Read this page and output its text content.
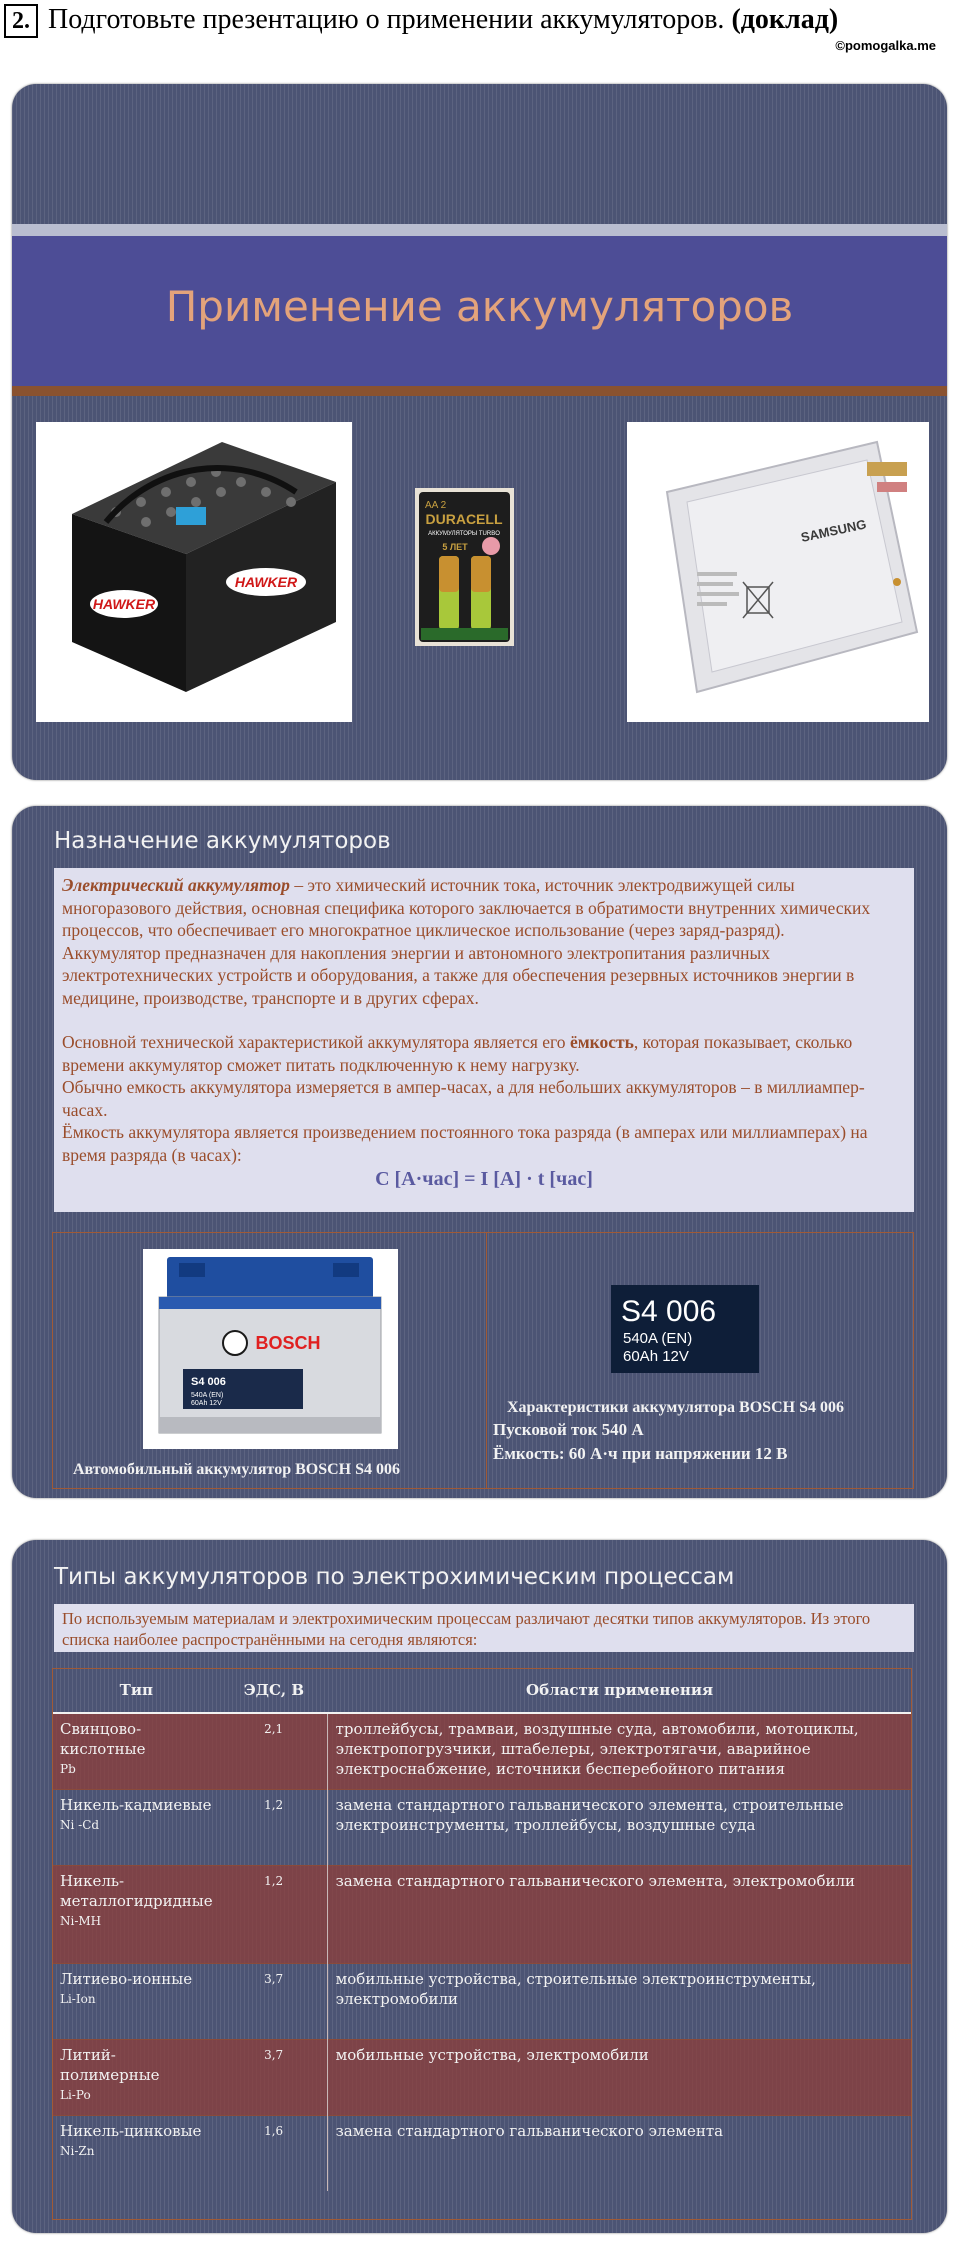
2. Подготовьте презентацию о применении аккумуляторов. (доклад)
©pomogalka.me
Применение аккумуляторов
HAWKER
HAWKER
AA 2
DURACELL
АККУМУЛЯТОРЫ TURBO
5 ЛЕТ
SAMSUNG
Назначение аккумуляторов

Электрический аккумулятор – это химический источник тока, источник электродвижущей силы многоразового действия, основная специфика которого заключается в обратимости внутренних химических процессов, что обеспечивает его многократное циклическое использование (через заряд-разряд).

Аккумулятор предназначен для накопления энергии и автономного электропитания различных электротехнических устройств и оборудования, а также для обеспечения резервных источников энергии в медицине, производстве, транспорте и в других сферах.

Основной технической характеристикой аккумулятора является его ёмкость, которая показывает, сколько времени аккумулятор сможет питать подключенную к нему нагрузку.

Обычно емкость аккумулятора измеряется в ампер-часах, а для небольших аккумуляторов – в миллиампер-часах.

Ёмкость аккумулятора является произведением постоянного тока разряда (в амперах или миллиамперах) на время разряда (в часах):

C [А·час] = I [A] · t [час]
BOSCH
S4 006
540A (EN)
60Ah 12V
Автомобильный аккумулятор BOSCH S4 006
S4 006
540A (EN)
60Ah 12V
Характеристики аккумулятора BOSCH S4 006
Пусковой ток 540 А
Ёмкость: 60 А·ч при напряжении 12 В
Типы аккумуляторов по электрохимическим процессам
По используемым материалам и электрохимическим процессам различают десятки типов аккумуляторов. Из этого списка наиболее распространёнными на сегодня являются:
Тип	ЭДС, В	Области применения

Свинцово-кислотные
Pb	2,1	троллейбусы, трамваи, воздушные суда, автомобили, мотоциклы, электропогрузчики, штабелеры, электротягачи, аварийное электроснабжение, источники бесперебойного питания

Никель-кадмиевые
Ni -Cd	1,2	замена стандартного гальванического элемента, строительные электроинструменты, троллейбусы, воздушные суда

Никель-металлогидридные
Ni-MH	1,2	замена стандартного гальванического элемента, электромобили

Литиево-ионные
Li-Ion	3,7	мобильные устройства, строительные электроинструменты, электромобили

Литий-полимерные
Li-Po	3,7	мобильные устройства, электромобили

Никель-цинковые
Ni-Zn	1,6	замена стандартного гальванического элемента
